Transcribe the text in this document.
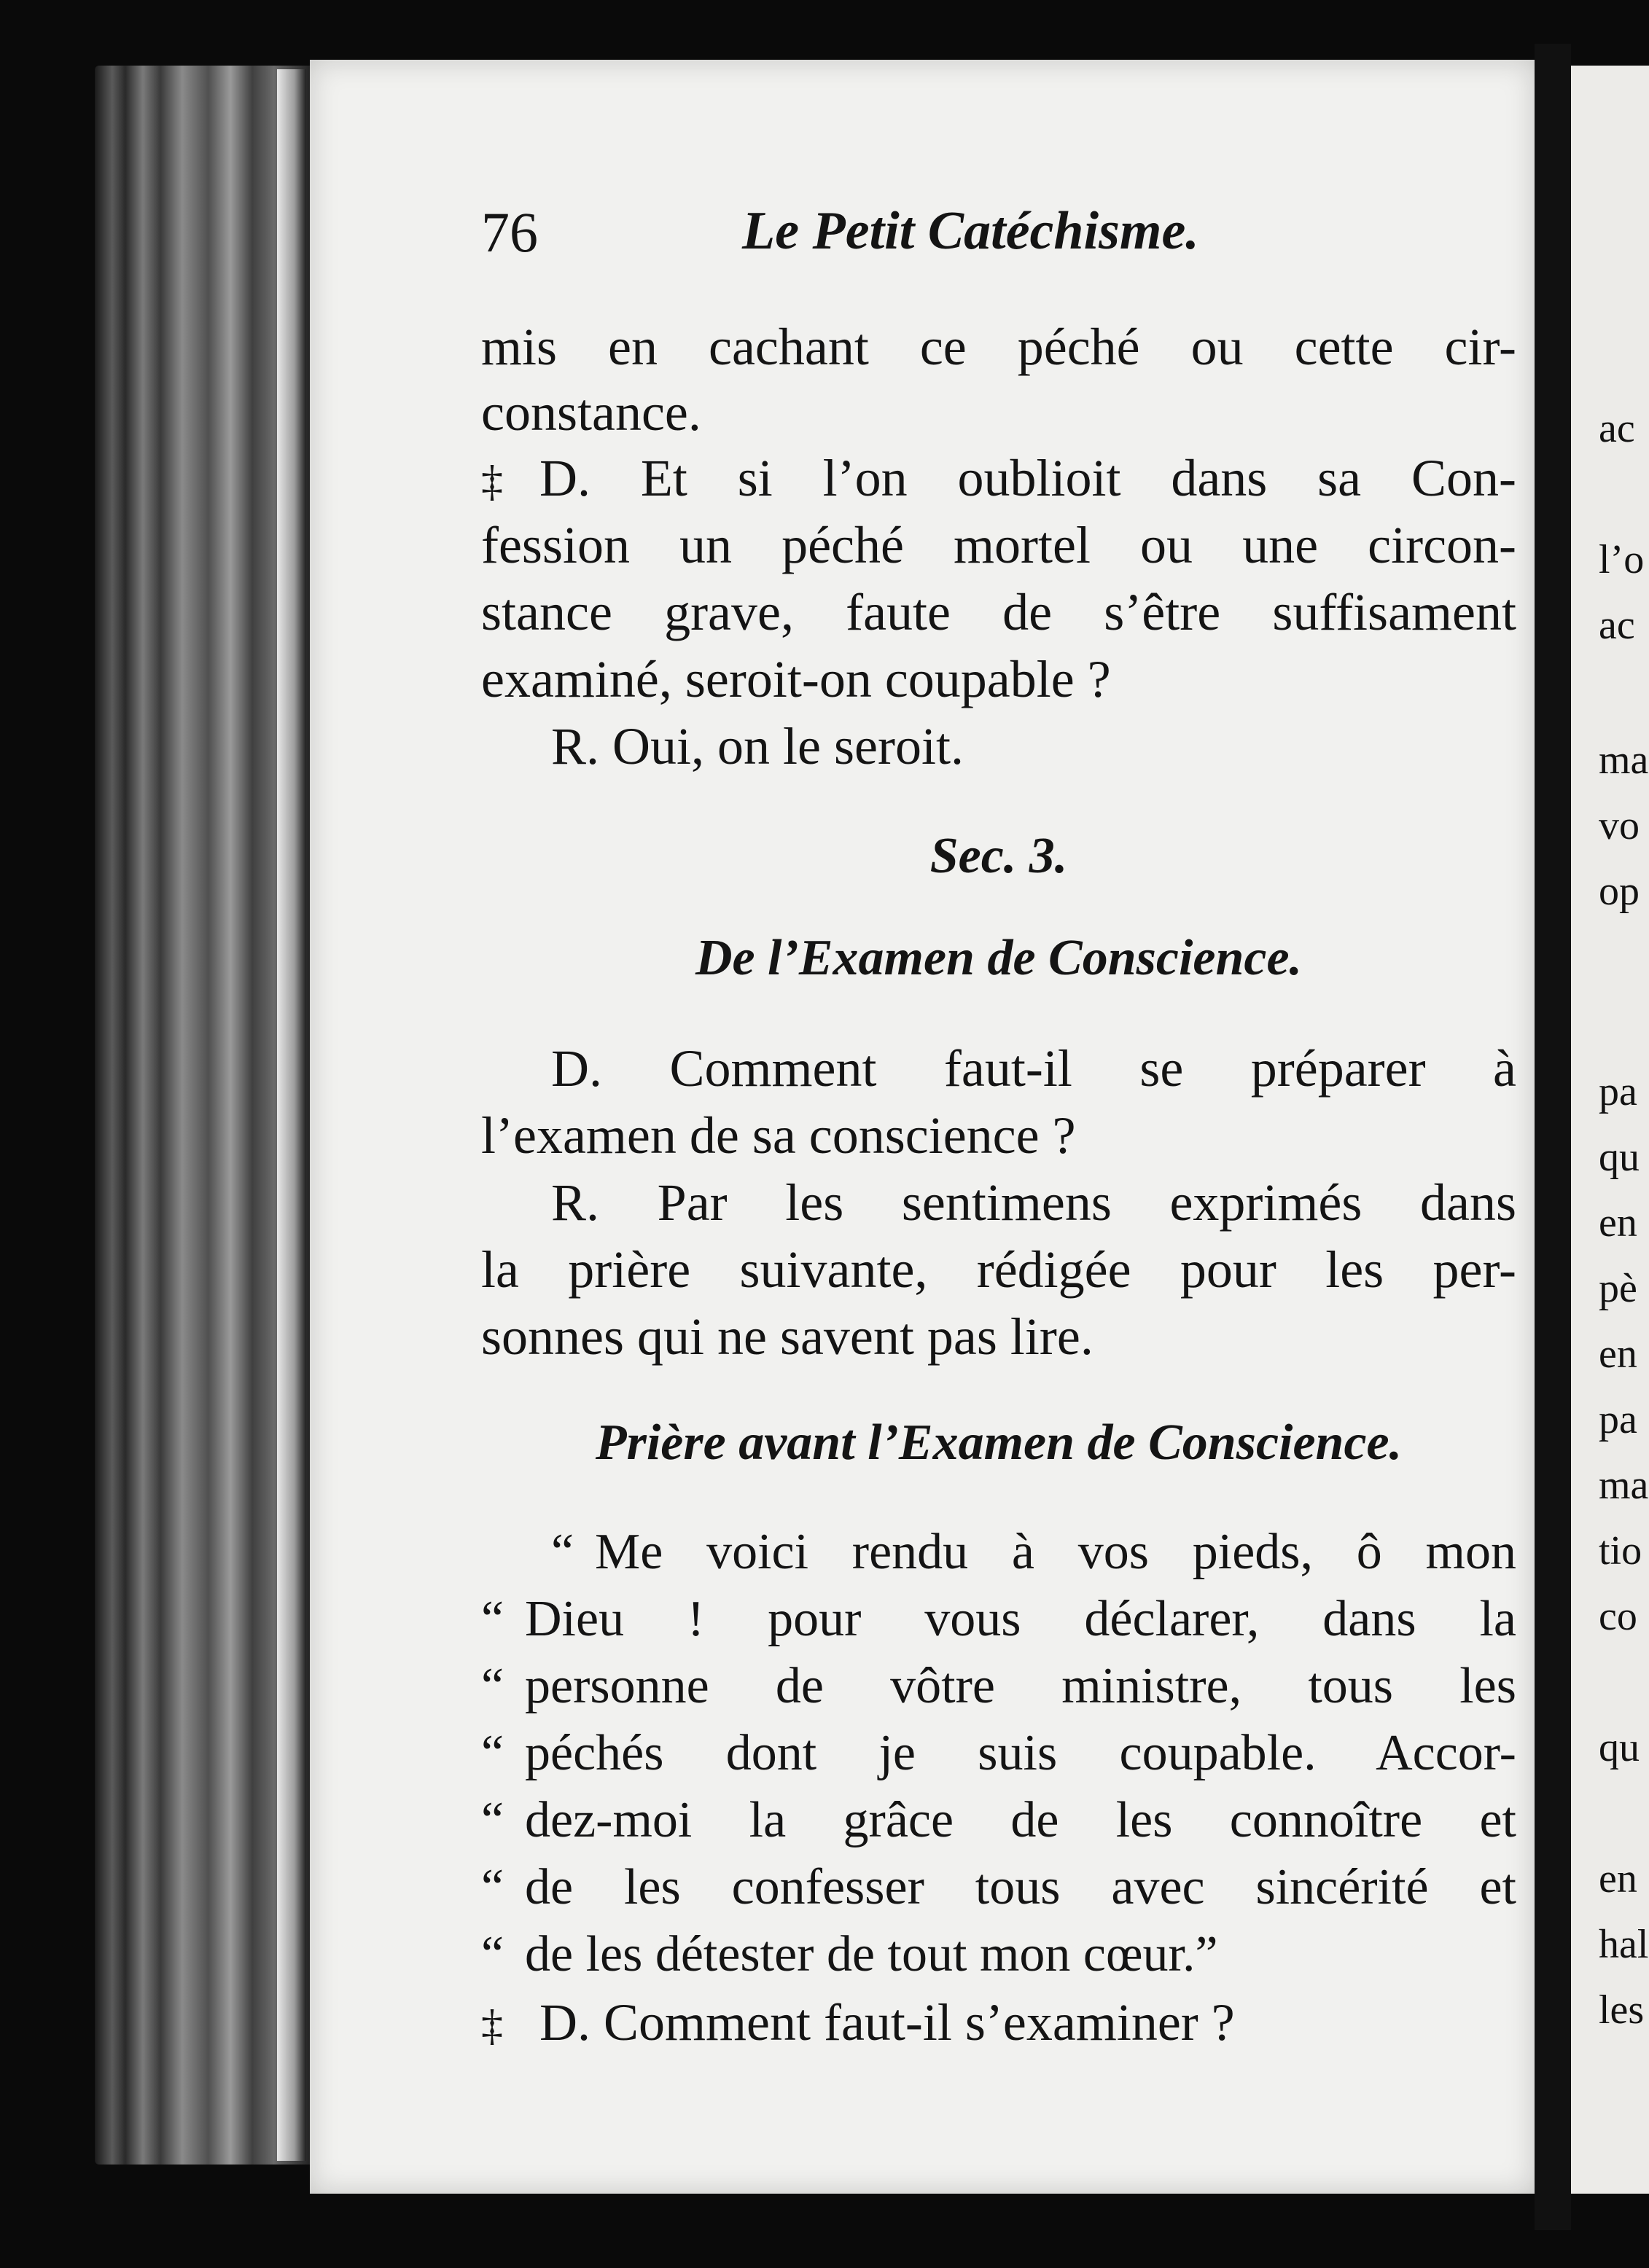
ac
l’o
ac
ma
vo
op
pa
qu
en
pè
en
pa
ma
tio
co
qu
en
hal
les
76	Le Petit Catéchisme.
mis en cachant ce péché ou cette cir-
constance.
‡ D. Et si l’on oublioit dans sa Con-
fession un péché mortel ou une circon-
stance grave, faute de s’être suffisament
examiné, seroit-on coupable ?
R. Oui, on le seroit.
Sec. 3.
De l’Examen de Conscience.
D. Comment faut-il se préparer à
l’examen de sa conscience ?
R. Par les sentimens exprimés dans
la prière suivante, rédigée pour les per-
sonnes qui ne savent pas lire.
Prière avant l’Examen de Conscience.
“ Me voici rendu à vos pieds, ô mon
“ Dieu ! pour vous déclarer, dans la
“ personne de vôtre ministre, tous les
“ péchés dont je suis coupable. Accor-
“ dez-moi la grâce de les connoître et
“ de les confesser tous avec sincérité et
“ de les détester de tout mon cœur.”
‡ D. Comment faut-il s’examiner ?
